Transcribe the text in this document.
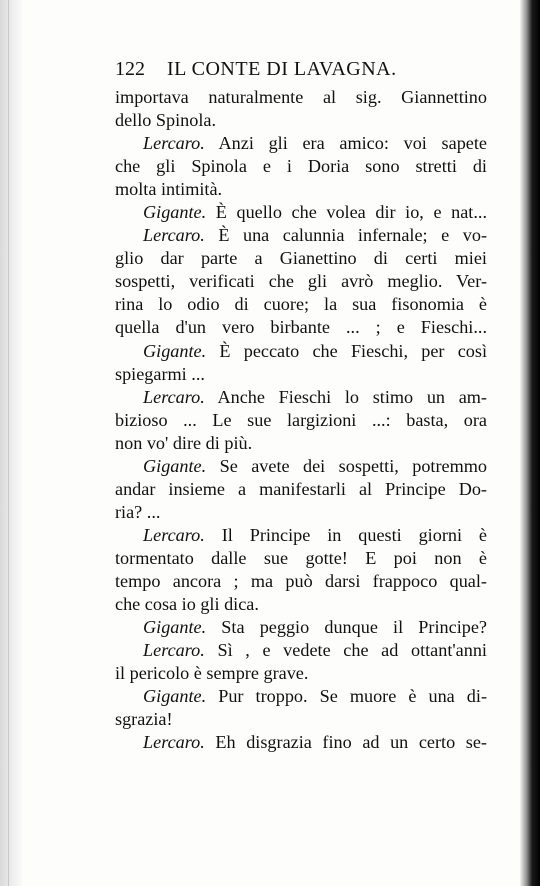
122 IL CONTE DI LAVAGNA.
importava naturalmente al sig. Giannettino
dello Spinola.
Lercaro. Anzi gli era amico: voi sapete
che gli Spinola e i Doria sono stretti di
molta intimità.
Gigante. È quello che volea dir io, e nat...
Lercaro. È una calunnia infernale; e vo-
glio dar parte a Gianettino di certi miei
sospetti, verificati che gli avrò meglio. Ver-
rina lo odio di cuore; la sua fisonomia è
quella d'un vero birbante ... ; e Fieschi...
Gigante. È peccato che Fieschi, per così
spiegarmi ...
Lercaro. Anche Fieschi lo stimo un am-
bizioso ... Le sue largizioni ...: basta, ora
non vo' dire di più.
Gigante. Se avete dei sospetti, potremmo
andar insieme a manifestarli al Principe Do-
ria? ...
Lercaro. Il Principe in questi giorni è
tormentato dalle sue gotte! E poi non è
tempo ancora ; ma può darsi frappoco qual-
che cosa io gli dica.
Gigante. Sta peggio dunque il Principe?
Lercaro. Sì , e vedete che ad ottant'anni
il pericolo è sempre grave.
Gigante. Pur troppo. Se muore è una di-
sgrazia!
Lercaro. Eh disgrazia fino ad un certo se-
